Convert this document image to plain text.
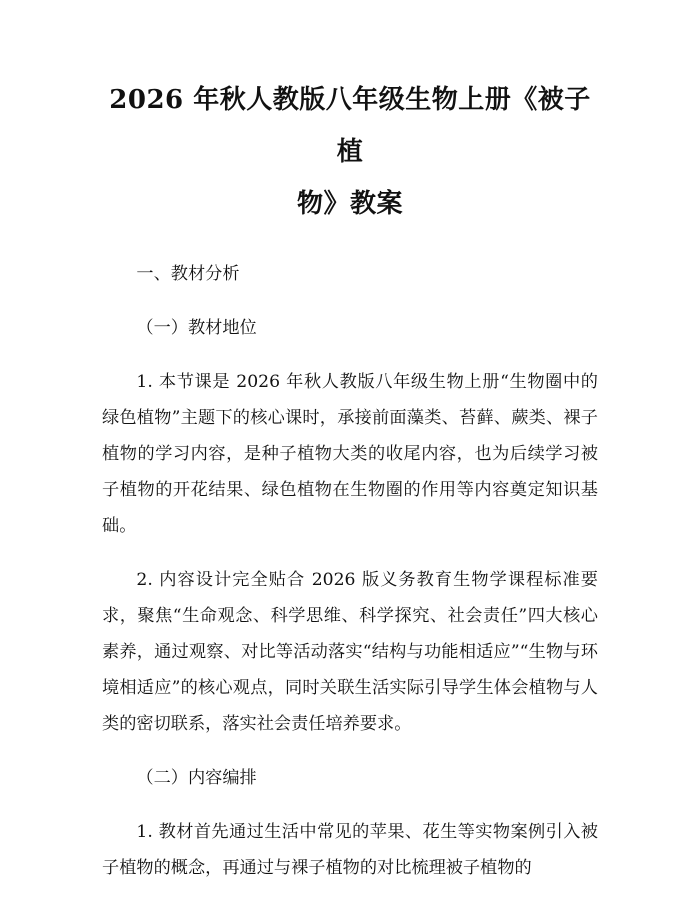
2026 年秋人教版八年级生物上册《被子植
物》教案

一、教材分析

（一）教材地位

1. 本节课是 2026 年秋人教版八年级生物上册“生物圈中的绿色植物”主题下的核心课时，承接前面藻类、苔藓、蕨类、裸子植物的学习内容，是种子植物大类的收尾内容，也为后续学习被子植物的开花结果、绿色植物在生物圈的作用等内容奠定知识基础。

2. 内容设计完全贴合 2026 版义务教育生物学课程标准要求，聚焦“生命观念、科学思维、科学探究、社会责任”四大核心素养，通过观察、对比等活动落实“结构与功能相适应”“生物与环境相适应”的核心观点，同时关联生活实际引导学生体会植物与人类的密切联系，落实社会责任培养要求。

（二）内容编排

1. 教材首先通过生活中常见的苹果、花生等实物案例引入被子植物的概念，再通过与裸子植物的对比梳理被子植物的
